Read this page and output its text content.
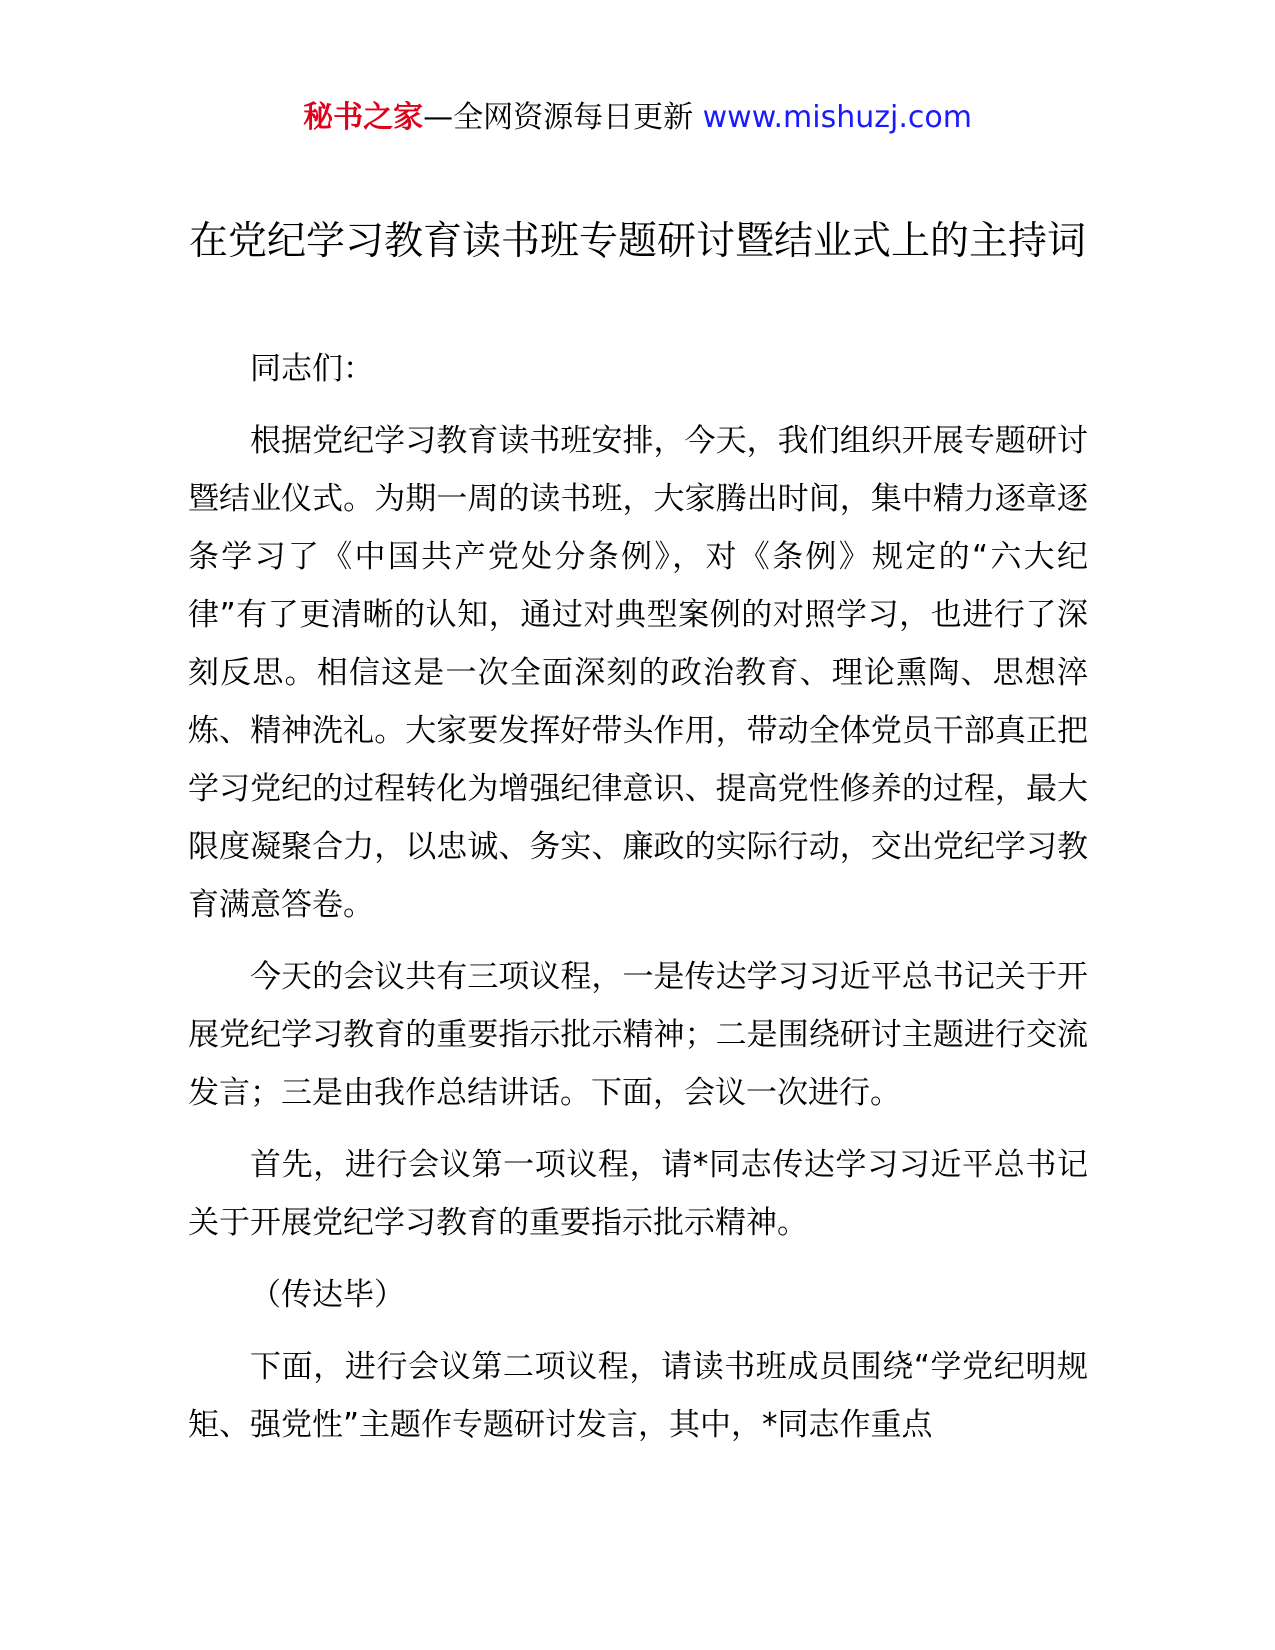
秘书之家—全网资源每日更新 www.mishuzj.com
在党纪学习教育读书班专题研讨暨结业式上的主持词

同志们：

根据党纪学习教育读书班安排，今天，我们组织开展专题研讨暨结业仪式。为期一周的读书班，大家腾出时间，集中精力逐章逐条学习了《中国共产党处分条例》，对《条例》规定的“六大纪律”有了更清晰的认知，通过对典型案例的对照学习，也进行了深刻反思。相信这是一次全面深刻的政治教育、理论熏陶、思想淬炼、精神洗礼。大家要发挥好带头作用，带动全体党员干部真正把学习党纪的过程转化为增强纪律意识、提高党性修养的过程，最大限度凝聚合力，以忠诚、务实、廉政的实际行动，交出党纪学习教育满意答卷。

今天的会议共有三项议程，一是传达学习习近平总书记关于开展党纪学习教育的重要指示批示精神；二是围绕研讨主题进行交流发言；三是由我作总结讲话。下面，会议一次进行。

首先，进行会议第一项议程，请*同志传达学习习近平总书记关于开展党纪学习教育的重要指示批示精神。

（传达毕）

下面，进行会议第二项议程，请读书班成员围绕“学党纪明规矩、强党性”主题作专题研讨发言，其中，*同志作重点
